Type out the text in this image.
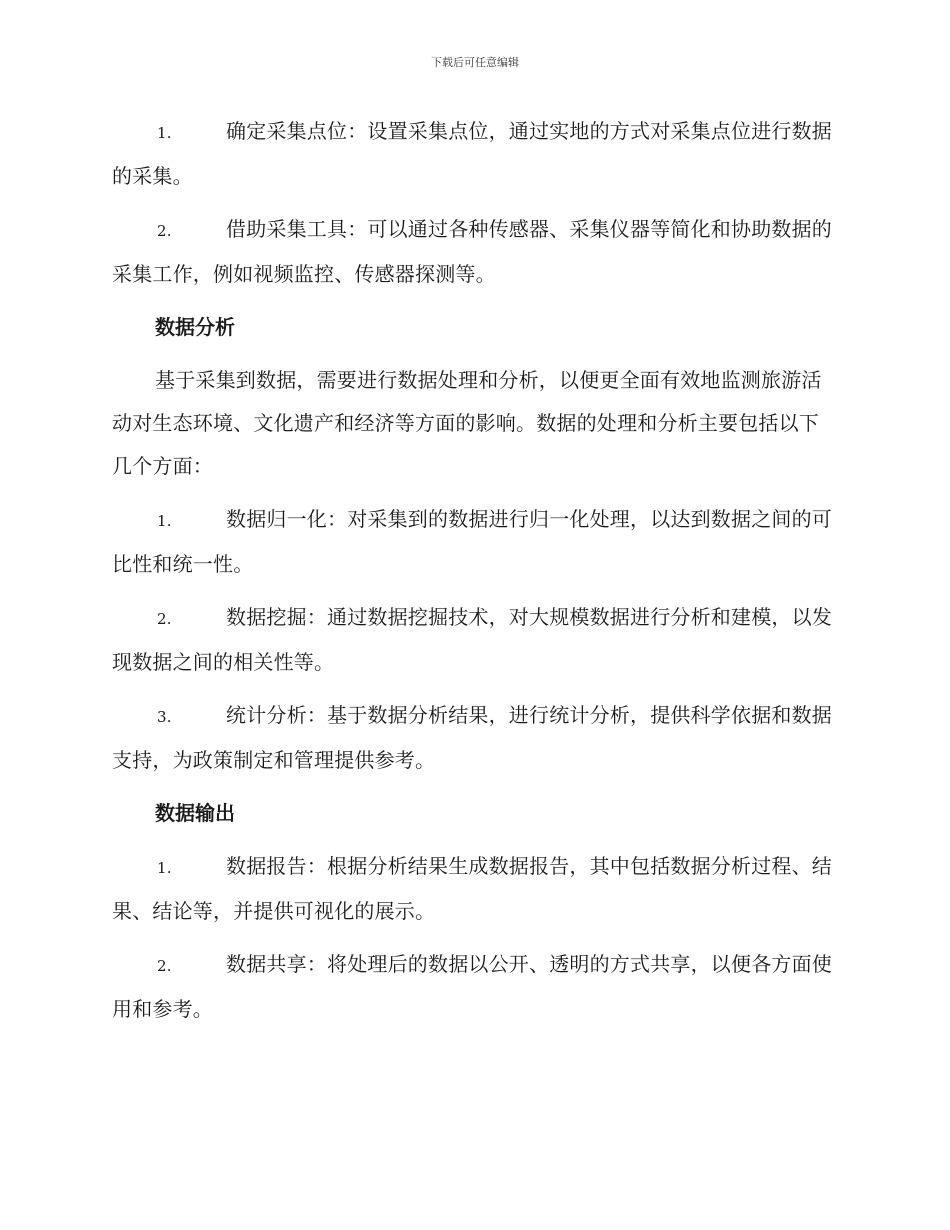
下载后可任意编辑

1.	确定采集点位：设置采集点位，通过实地的方式对采集点位进行数据的采集。

2.	借助采集工具：可以通过各种传感器、采集仪器等简化和协助数据的采集工作，例如视频监控、传感器探测等。

数据分析

基于采集到数据，需要进行数据处理和分析，以便更全面有效地监测旅游活动对生态环境、文化遗产和经济等方面的影响。数据的处理和分析主要包括以下几个方面：

1.	数据归一化：对采集到的数据进行归一化处理，以达到数据之间的可比性和统一性。

2.	数据挖掘：通过数据挖掘技术，对大规模数据进行分析和建模，以发现数据之间的相关性等。

3.	统计分析：基于数据分析结果，进行统计分析，提供科学依据和数据支持，为政策制定和管理提供参考。

数据输出

1.	数据报告：根据分析结果生成数据报告，其中包括数据分析过程、结果、结论等，并提供可视化的展示。

2.	数据共享：将处理后的数据以公开、透明的方式共享，以便各方面使用和参考。
